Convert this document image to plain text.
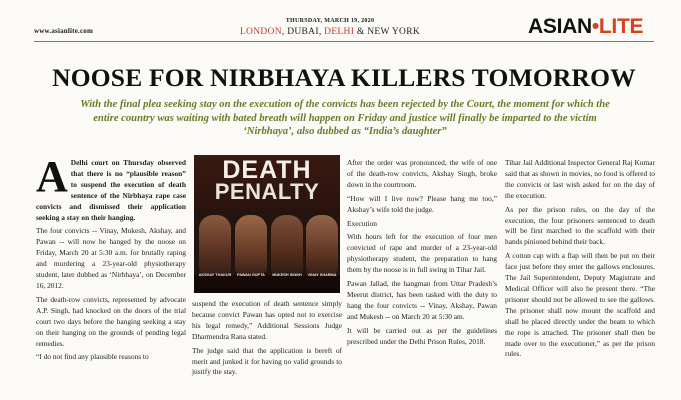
www.asianlite.com
THURSDAY, MARCH 19, 2020
LONDON, DUBAI, DELHI & NEW YORK	ASIAN•LITE
NOOSE FOR NIRBHAYA KILLERS TOMORROW
With the final plea seeking stay on the execution of the convicts has been rejected by the Court, the moment for which the entire country was waiting with bated breath will happen on Friday and justice will finally be imparted to the victim ‘Nirbhaya’, also dubbed as “India’s daughter”

A Delhi court on Thursday observed that there is no “plausible reason” to suspend the execution of death sentence of the Nirbhaya rape case convicts and dismissed their application seeking a stay on their hanging.

The four convicts -- Vinay, Mukesh, Akshay, and Pawan -- will now be hanged by the noose on Friday, March 20 at 5:30 a.m. for brutally raping and murdering a 23-year-old physiotherapy student, later dubbed as ‘Nirbhaya’, on December 16, 2012.

The death-row convicts, represented by advocate A.P. Singh, had knocked on the doors of the trial court two days before the hanging seeking a stay on their hanging on the grounds of pending legal remedies.

“I do not find any plausible reasons to

DEATH
PENALTY
AKSHAY THAKUR	PAWAN GUPTA	MUKESH SINGH	VINAY SHARMA

suspend the execution of death sentence simply because convict Pawan has opted not to exercise his legal remedy,” Additional Sessions Judge Dharmendra Rana stated.

The judge said that the application is bereft of merit and junked it for having no valid grounds to justify the stay.

After the order was pronounced, the wife of one of the death-row convicts, Akshay Singh, broke down in the courtroom.

“How will I live now? Please hang me too,” Akshay’s wife told the judge.

Execution

With hours left for the execution of four men convicted of rape and murder of a 23-year-old physiotherapy student, the preparation to hang them by the noose is in full swing in Tihar Jail.

Pawan Jallad, the hangman from Uttar Pradesh’s Meerut district, has been tasked with the duty to hang the four convicts -- Vinay, Akshay, Pawan and Mukesh -- on March 20 at 5:30 am.

It will be carried out as per the guidelines prescribed under the Delhi Prison Rules, 2018.

Tihar Jail Additional Inspector General Raj Kumar said that as shown in movies, no food is offered to the convicts or last wish asked for on the day of the execution.

As per the prison rules, on the day of the execution, the four prisoners sentenced to death will be first marched to the scaffold with their hands pinioned behind their back.

A cotton cap with a flap will then be put on their face just before they enter the gallows enclosures. The Jail Superintendent, Deputy Magistrate and Medical Officer will also be present there. “The prisoner should not be allowed to see the gallows. The prisoner shall now mount the scaffold and shall be placed directly under the beam to which the rope is attached. The prisoner shall then be made over to the executioner,” as per the prison rules.
